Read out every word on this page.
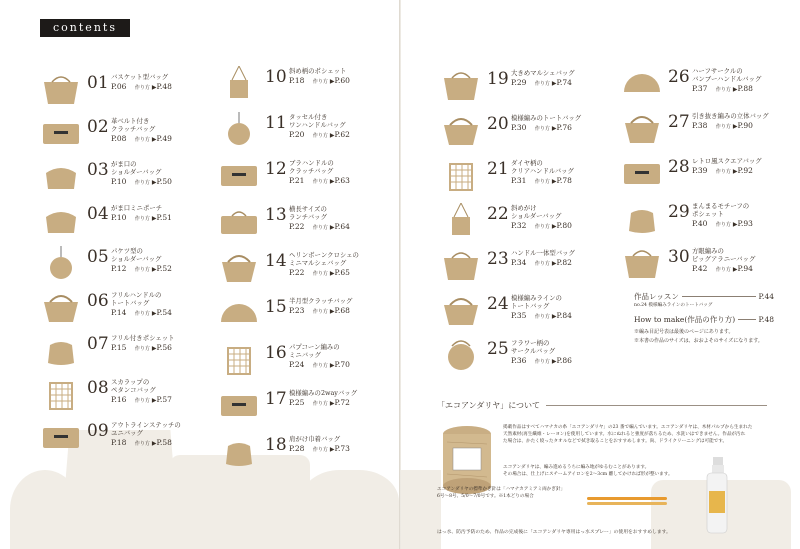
contents
01 バスケット型バッグ
P.06 作り方 ▶P.48
02 革ベルト付き
クラッチバッグ
P.08 作り方 ▶P.49
03 がま口の
ショルダーバッグ
P.10 作り方 ▶P.50
04 がま口ミニポーチ
P.10 作り方 ▶P.51
05 パケツ型の
ショルダーバッグ
P.12 作り方 ▶P.52
06 フリルハンドルの
トートバッグ
P.14 作り方 ▶P.54
07 フリル付きポシェット
P.15 作り方 ▶P.56
08 スカラップの
ペタンコバッグ
P.16 作り方 ▶P.57
09 アウトラインステッチの
ユニバッグ
P.18 作り方 ▶P.58
10 斜め柄のポシェット
P.18 作り方 ▶P.60
11 タッセル付き
ワンハンドルバッグ
P.20 作り方 ▶P.62
12 ブラハンドルの
クラッチバッグ
P.21 作り方 ▶P.63
13 横長サイズの
ランチバッグ
P.22 作り方 ▶P.64
14 ヘリンボーンクロシェの
ミニマルシェバッグ
P.22 作り方 ▶P.65
15 半月型クラッチバッグ
P.23 作り方 ▶P.68
16 パプコーン編みの
ミニバッグ
P.24 作り方 ▶P.70
17 模様編みの2wayバッグ
P.25 作り方 ▶P.72
18 肩がけ巾着バッグ
P.28 作り方 ▶P.73
19 大きめマルシェバッグ
P.29 作り方 ▶P.74
20 模様編みのトートバッグ
P.30 作り方 ▶P.76
21 ダイヤ柄の
クリアハンドルバッグ
P.31 作り方 ▶P.78
22 斜めがけ
ショルダーバッグ
P.32 作り方 ▶P.80
23 ハンドル一体型バッグ
P.34 作り方 ▶P.82
24 模様編みラインの
トートバッグ
P.35 作り方 ▶P.84
25 フラワー柄の
サークルバッグ
P.36 作り方 ▶P.86
26 ハーフサークルの
バンブーハンドルバッグ
P.37 作り方 ▶P.88
27 引き抜き編みの立体バッグ
P.38 作り方 ▶P.90
28 レトロ風スクエアバッグ
P.39 作り方 ▶P.92
29 まんまるモチーフの
ポシェット
P.40 作り方 ▶P.93
30 方眼編みの
ビッグアラニーバッグ
P.42 作り方 ▶P.94
作品レッスン	P.44
no.24 模様編みラインのトートバッグ
How to make(作品の作り方)	P.48
※編み目記号表は最後のページにあります。
※本書の作品のサイズは、おおよそのサイズになります。
「エコアンダリヤ」について
掲載作品はすべてハマナカの糸「エコアンダリヤ」の23 番で編んでいます。エコアンダリヤは、木材パルプから生まれた
天然素材(再生繊維・レーヨン)を使用しています。水にぬれると強度が落ちるため、水洗いはできません。作品が汚れ
た場合は、かたく絞ったタオルなどで拭き取ることをおすすめします。尚、ドライクリーニングは可能です。
エコアンダリヤは、編み進めるうちに編み地がゆるむことがあります。
その場合は、仕上げにスチームアイロンを2〜3cm 離してかければ形が整います。
エコアンダリヤの標準かぎ針は「ハマナカアミアミ両かぎ針」
6号〜8号、5/0〜7/0号です。※1本どりの場合
はっ水、防汚予防のため、作品の完成後に「エコアンダリヤ専用はっ水スプレー」の使用をおすすめします。
